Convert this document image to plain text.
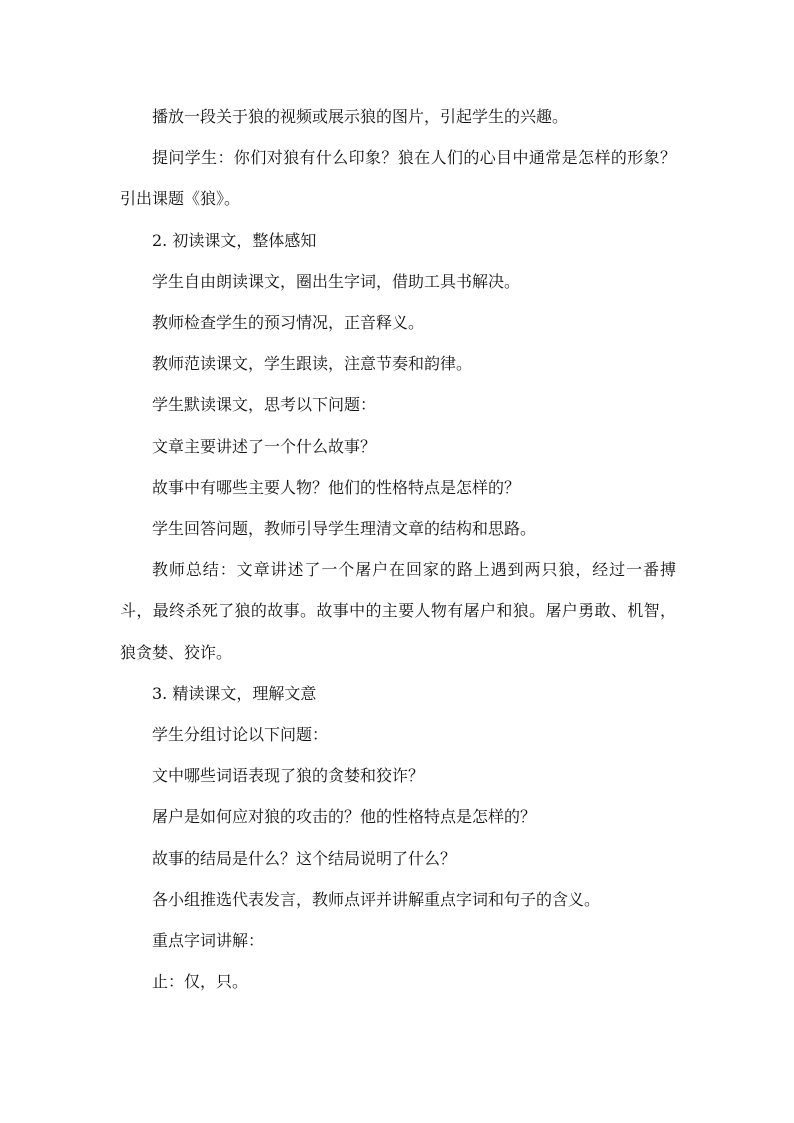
播放一段关于狼的视频或展示狼的图片，引起学生的兴趣。

提问学生：你们对狼有什么印象？狼在人们的心目中通常是怎样的形象？引出课题《狼》。

2. 初读课文，整体感知

学生自由朗读课文，圈出生字词，借助工具书解决。

教师检查学生的预习情况，正音释义。

教师范读课文，学生跟读，注意节奏和韵律。

学生默读课文，思考以下问题：

文章主要讲述了一个什么故事？

故事中有哪些主要人物？他们的性格特点是怎样的？

学生回答问题，教师引导学生理清文章的结构和思路。

教师总结：文章讲述了一个屠户在回家的路上遇到两只狼，经过一番搏斗，最终杀死了狼的故事。故事中的主要人物有屠户和狼。屠户勇敢、机智，狼贪婪、狡诈。

3. 精读课文，理解文意

学生分组讨论以下问题：

文中哪些词语表现了狼的贪婪和狡诈？

屠户是如何应对狼的攻击的？他的性格特点是怎样的？

故事的结局是什么？这个结局说明了什么？

各小组推选代表发言，教师点评并讲解重点字词和句子的含义。

重点字词讲解：

止：仅，只。
